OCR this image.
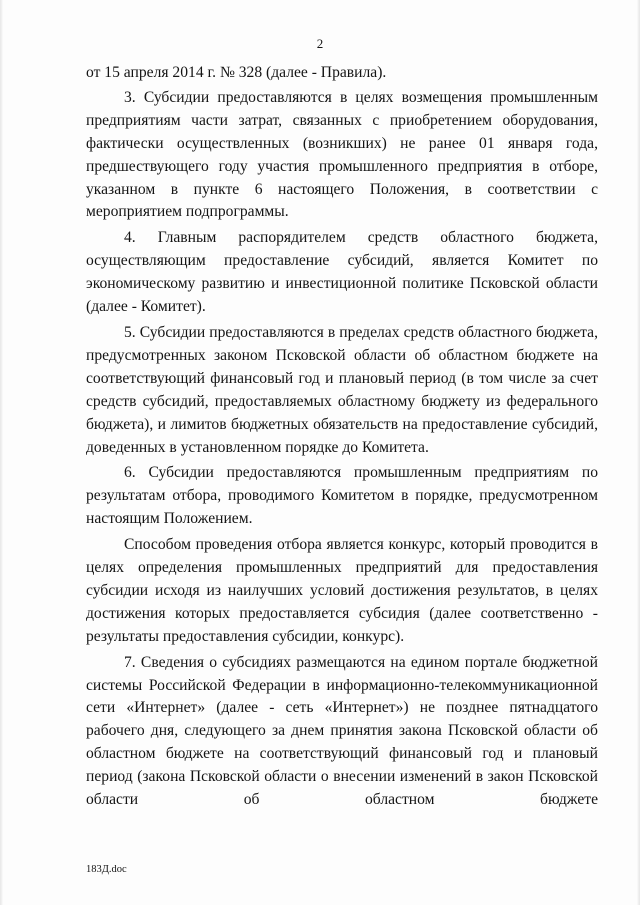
2

от 15 апреля 2014 г. № 328 (далее - Правила).

3. Субсидии предоставляются в целях возмещения промышленным предприятиям части затрат, связанных с приобретением оборудования, фактически осуществленных (возникших) не ранее 01 января года, предшествующего году участия промышленного предприятия в отборе, указанном в пункте 6 настоящего Положения, в соответствии с мероприятием подпрограммы.

4. Главным распорядителем средств областного бюджета, осуществляющим предоставление субсидий, является Комитет по экономическому развитию и инвестиционной политике Псковской области (далее - Комитет).

5. Субсидии предоставляются в пределах средств областного бюджета, предусмотренных законом Псковской области об областном бюджете на соответствующий финансовый год и плановый период (в том числе за счет средств субсидий, предоставляемых областному бюджету из федерального бюджета), и лимитов бюджетных обязательств на предоставление субсидий, доведенных в установленном порядке до Комитета.

6. Субсидии предоставляются промышленным предприятиям по результатам отбора, проводимого Комитетом в порядке, предусмотренном настоящим Положением.

Способом проведения отбора является конкурс, который проводится в целях определения промышленных предприятий для предоставления субсидии исходя из наилучших условий достижения результатов, в целях достижения которых предоставляется субсидия (далее соответственно - результаты предоставления субсидии, конкурс).

7. Сведения о субсидиях размещаются на едином портале бюджетной системы Российской Федерации в информационно-телекоммуникационной сети «Интернет» (далее - сеть «Интернет») не позднее пятнадцатого рабочего дня, следующего за днем принятия закона Псковской области об областном бюджете на соответствующий финансовый год и плановый период (закона Псковской области о внесении изменений в закон Псковской области об областном бюджете

183Д.doc
